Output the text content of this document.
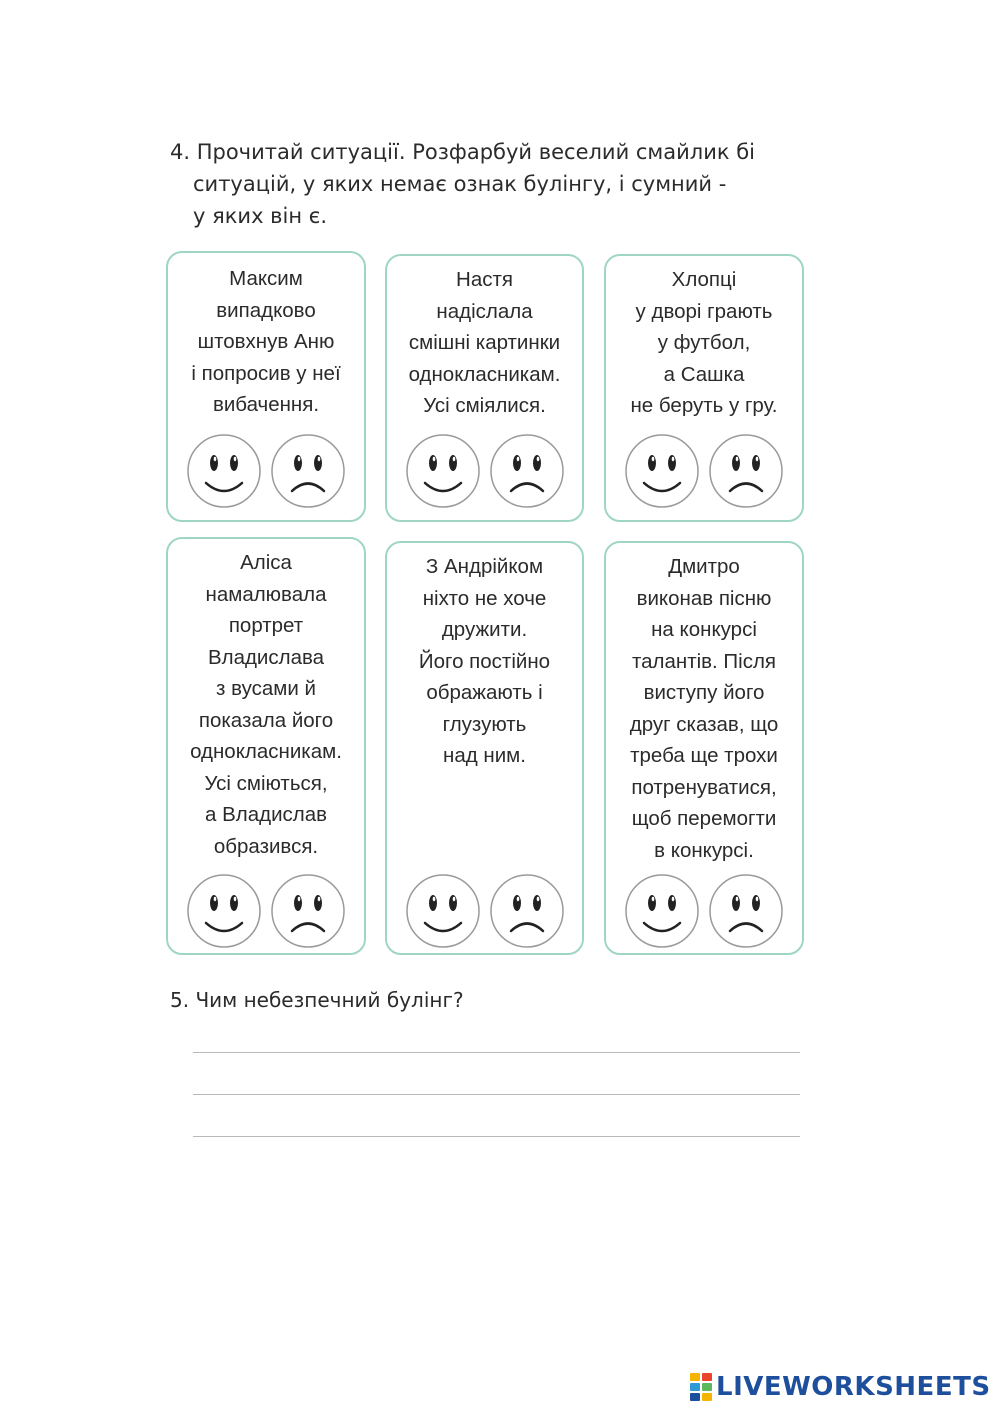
4. Прочитай ситуації. Розфарбуй веселий смайлик бі
ситуацій, у яких немає ознак булінгу, і сумний -
у яких він є.
Максим
випадково
штовхнув Аню
і попросив у неї
вибачення.
Настя
надіслала
смішні картинки
однокласникам.
Усі сміялися.
Хлопці
у дворі грають
у футбол,
а Сашка
не беруть у гру.
Аліса
намалювала
портрет
Владислава
з вусами й
показала його
однокласникам.
Усі сміються,
а Владислав
образився.
З Андрійком
ніхто не хоче
дружити.
Його постійно
ображають і
глузують
над ним.
Дмитро
виконав пісню
на конкурсі
талантів. Після
виступу його
друг сказав, що
треба ще трохи
потренуватися,
щоб перемогти
в конкурсі.
5. Чим небезпечний булінг?
LIVEWORKSHEETS
